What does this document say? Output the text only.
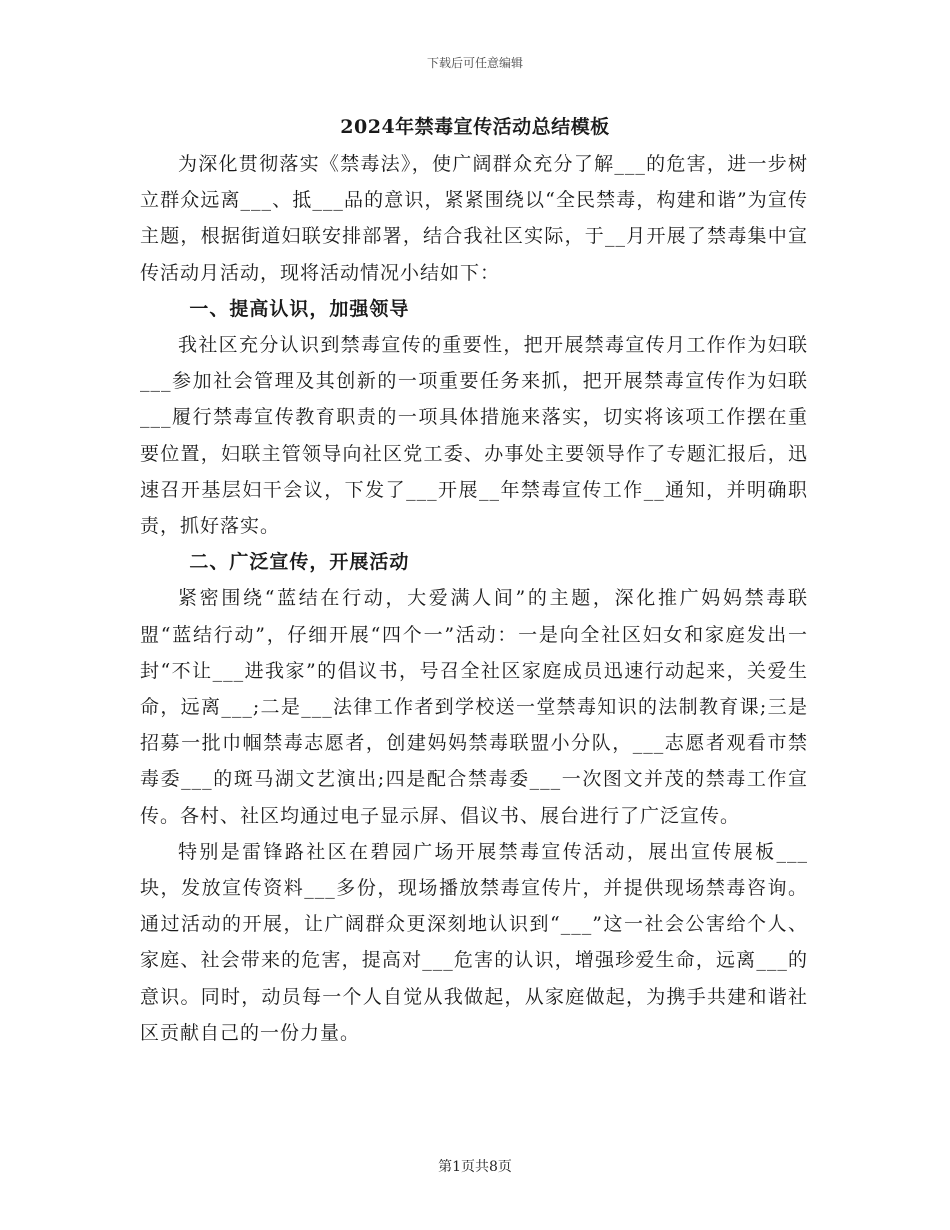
下载后可任意编辑
2024年禁毒宣传活动总结模板

为深化贯彻落实《禁毒法》，使广阔群众充分了解___的危害，进一步树立群众远离___、抵___品的意识，紧紧围绕以“全民禁毒，构建和谐”为宣传主题，根据街道妇联安排部署，结合我社区实际，于__月开展了禁毒集中宣传活动月活动，现将活动情况小结如下：

一、提高认识，加强领导

我社区充分认识到禁毒宣传的重要性，把开展禁毒宣传月工作作为妇联___参加社会管理及其创新的一项重要任务来抓，把开展禁毒宣传作为妇联___履行禁毒宣传教育职责的一项具体措施来落实，切实将该项工作摆在重要位置，妇联主管领导向社区党工委、办事处主要领导作了专题汇报后，迅速召开基层妇干会议，下发了___开展__年禁毒宣传工作__通知，并明确职责，抓好落实。

二、广泛宣传，开展活动

紧密围绕“蓝结在行动，大爱满人间”的主题，深化推广妈妈禁毒联盟“蓝结行动”，仔细开展“四个一”活动：一是向全社区妇女和家庭发出一封“不让___进我家”的倡议书，号召全社区家庭成员迅速行动起来，关爱生命，远离___;二是___法律工作者到学校送一堂禁毒知识的法制教育课;三是招募一批巾帼禁毒志愿者，创建妈妈禁毒联盟小分队，___志愿者观看市禁毒委___的斑马湖文艺演出;四是配合禁毒委___一次图文并茂的禁毒工作宣传。各村、社区均通过电子显示屏、倡议书、展台进行了广泛宣传。

特别是雷锋路社区在碧园广场开展禁毒宣传活动，展出宣传展板___块，发放宣传资料___多份，现场播放禁毒宣传片，并提供现场禁毒咨询。通过活动的开展，让广阔群众更深刻地认识到“___”这一社会公害给个人、家庭、社会带来的危害，提高对___危害的认识，增强珍爱生命，远离___的意识。同时，动员每一个人自觉从我做起，从家庭做起，为携手共建和谐社区贡献自己的一份力量。

第1页共8页
